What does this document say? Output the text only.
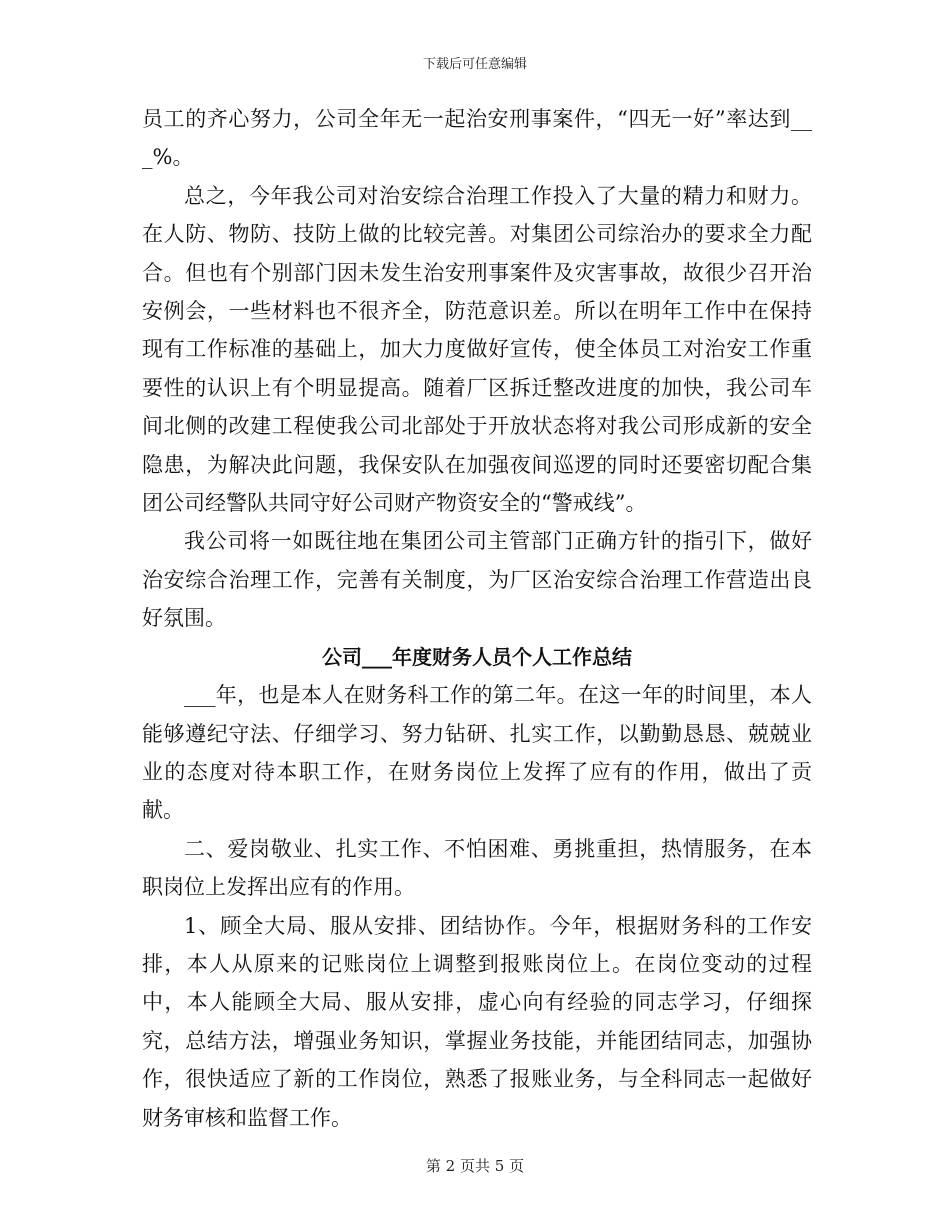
下载后可任意编辑

员工的齐心努力，公司全年无一起治安刑事案件，“四无一好”率达到___%。

总之，今年我公司对治安综合治理工作投入了大量的精力和财力。在人防、物防、技防上做的比较完善。对集团公司综治办的要求全力配合。但也有个别部门因未发生治安刑事案件及灾害事故，故很少召开治安例会，一些材料也不很齐全，防范意识差。所以在明年工作中在保持现有工作标准的基础上，加大力度做好宣传，使全体员工对治安工作重要性的认识上有个明显提高。随着厂区拆迁整改进度的加快，我公司车间北侧的改建工程使我公司北部处于开放状态将对我公司形成新的安全隐患，为解决此问题，我保安队在加强夜间巡逻的同时还要密切配合集团公司经警队共同守好公司财产物资安全的“警戒线”。

我公司将一如既往地在集团公司主管部门正确方针的指引下，做好治安综合治理工作，完善有关制度，为厂区治安综合治理工作营造出良好氛围。

公司___年度财务人员个人工作总结

___年，也是本人在财务科工作的第二年。在这一年的时间里，本人能够遵纪守法、仔细学习、努力钻研、扎实工作，以勤勤恳恳、兢兢业业的态度对待本职工作，在财务岗位上发挥了应有的作用，做出了贡献。

二、爱岗敬业、扎实工作、不怕困难、勇挑重担，热情服务，在本职岗位上发挥出应有的作用。

1、顾全大局、服从安排、团结协作。今年，根据财务科的工作安排，本人从原来的记账岗位上调整到报账岗位上。在岗位变动的过程中，本人能顾全大局、服从安排，虚心向有经验的同志学习，仔细探究，总结方法，增强业务知识，掌握业务技能，并能团结同志，加强协作，很快适应了新的工作岗位，熟悉了报账业务，与全科同志一起做好财务审核和监督工作。

第 2 页共 5 页
